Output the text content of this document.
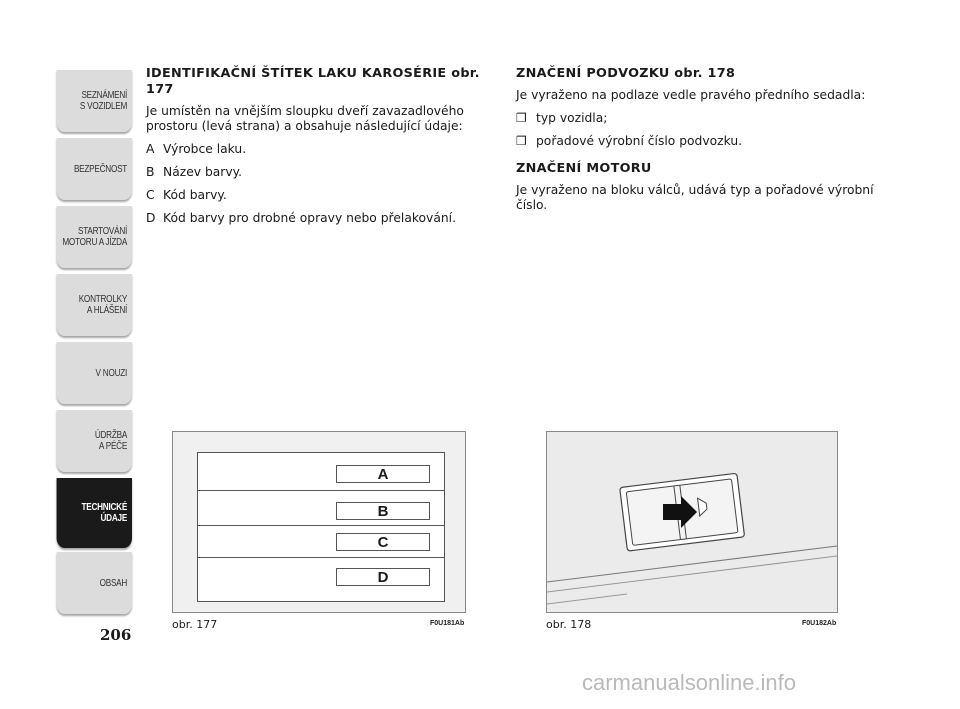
SEZNÁMENÍ
S VOZIDLEM
BEZPEČNOST
STARTOVÁNÍ
MOTORU A JÍZDA
KONTROLKY
A HLÁŠENÍ
V NOUZI
ÚDRŽBA
A PÉČE
TECHNICKÉ
ÚDAJE
OBSAH
206
IDENTIFIKAČNÍ ŠTÍTEK LAKU KAROSÉRIE obr. 177

Je umístěn na vnějším sloupku dveří zavazadlového prostoru (levá strana) a obsahuje následující údaje:

A Výrobce laku.
B Název barvy.
C Kód barvy.
D Kód barvy pro drobné opravy nebo přelakování.
ZNAČENÍ PODVOZKU obr. 178

Je vyraženo na podlaze vedle pravého předního sedadla:

❒ typ vozidla;
❒ pořadové výrobní číslo podvozku.
ZNAČENÍ MOTORU

Je vyraženo na bloku válců, udává typ a pořadové výrobní číslo.

A
B
C
D
obr. 177	F0U181Ab	obr. 178	F0U182Ab
carmanualsonline.info
